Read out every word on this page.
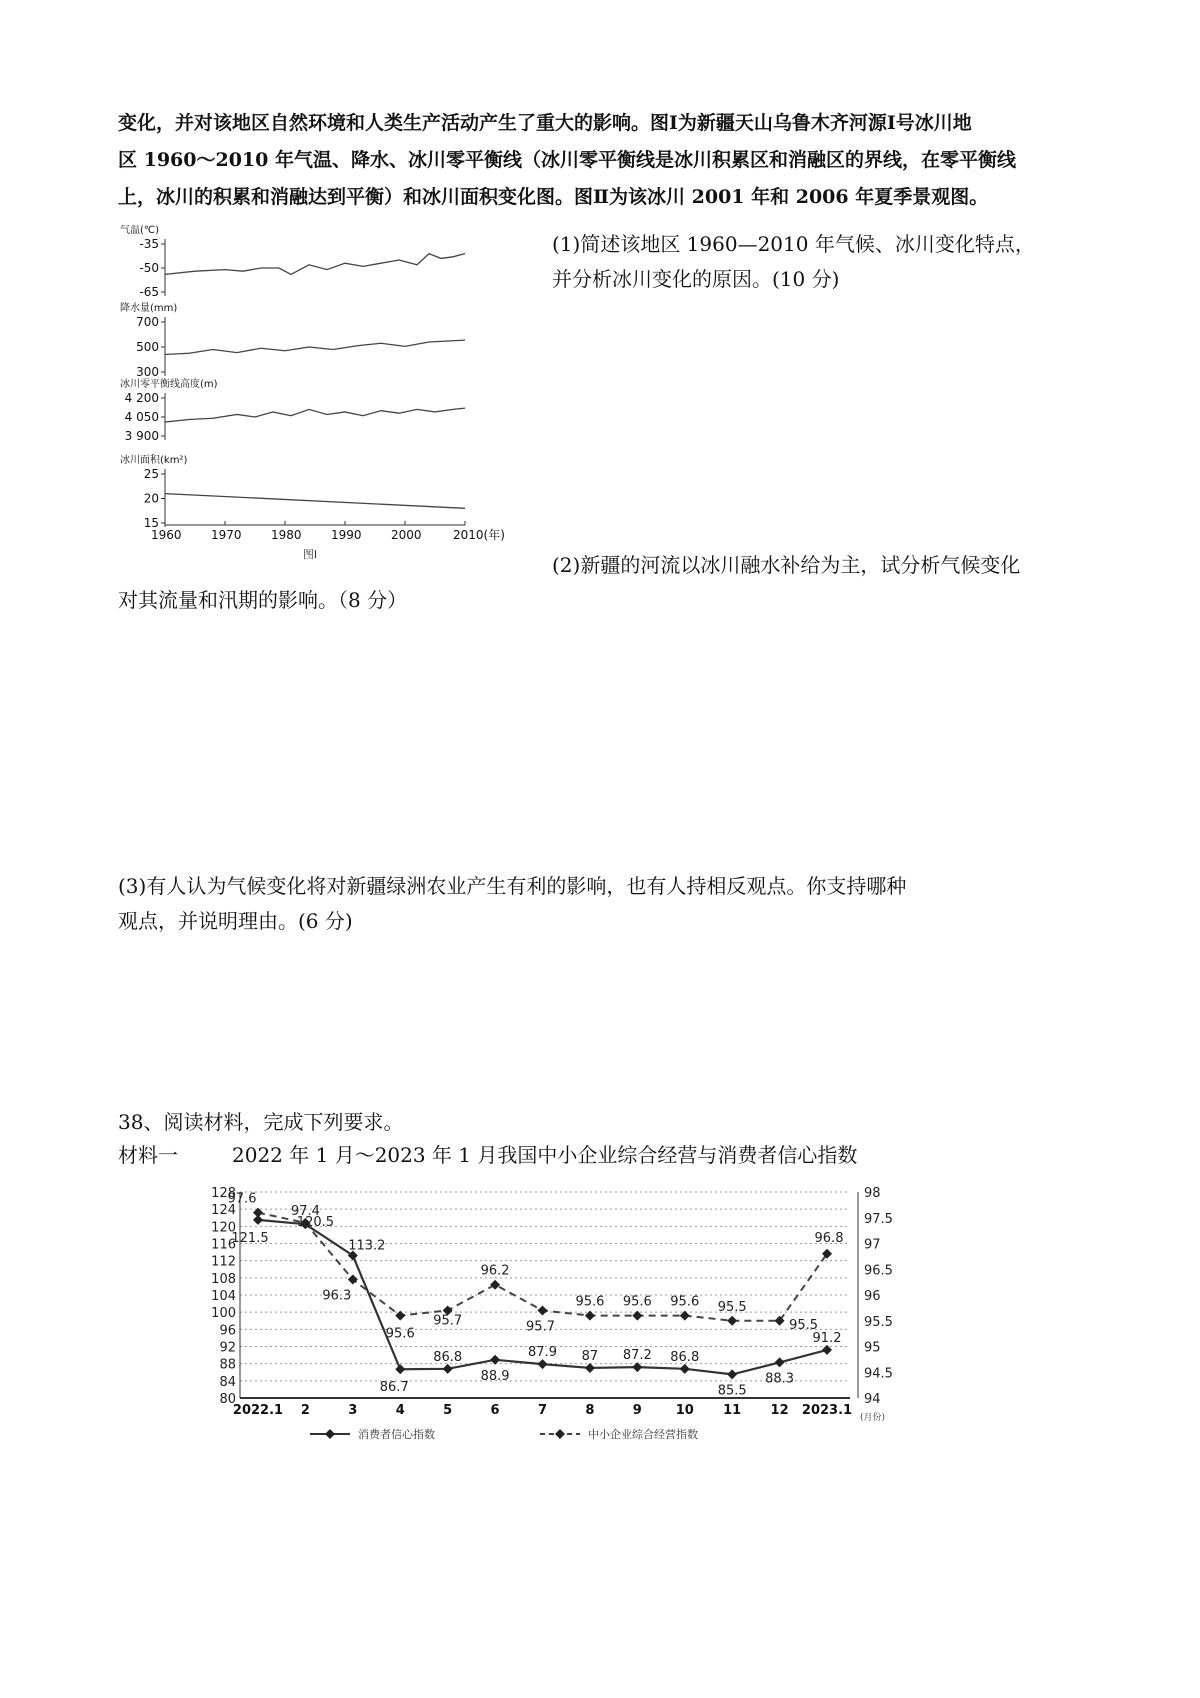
变化，并对该地区自然环境和人类生产活动产生了重大的影响。图Ⅰ为新疆天山乌鲁木齐河源Ⅰ号冰川地
区 1960～2010 年气温、降水、冰川零平衡线（冰川零平衡线是冰川积累区和消融区的界线，在零平衡线
上，冰川的积累和消融达到平衡）和冰川面积变化图。图Ⅱ为该冰川 2001 年和 2006 年夏季景观图。
气温(℃)
-35
-50
-65
降水量(mm)
700
500
300
冰川零平衡线高度(m)
4 200
4 050
3 900
冰川面积(km²)
25
20
15
1960 1970 1980 1990 2000	2010(年)
图Ⅰ
(1)简述该地区 1960—2010 年气候、冰川变化特点，
并分析冰川变化的原因。(10 分)
(2)新疆的河流以冰川融水补给为主，试分析气候变化
对其流量和汛期的影响。（8 分）
(3)有人认为气候变化将对新疆绿洲农业产生有利的影响，也有人持相反观点。你支持哪种
观点，并说明理由。(6 分)
38、阅读材料，完成下列要求。
材料一	2022 年 1 月～2023 年 1 月我国中小企业综合经营与消费者信心指数
80
84
88
92
96
100
104
108
112
116
120
124
128
94
94.5
95
95.5
96
96.5
97
97.5
98
2022.1 2	3	4	5	6	7	8	9	10 11 12 2023.1 (月份)
121.5
120.5
113.2
86.7
86.8
88.9
87.9 87 87.2 86.8
85.5
88.3
91.2
97.6
97.4
96.3
95.6
95.7
96.2
95.7
95.6 95.6 95.6 95.5
95.5
96.8
消费者信心指数	中小企业综合经营指数
